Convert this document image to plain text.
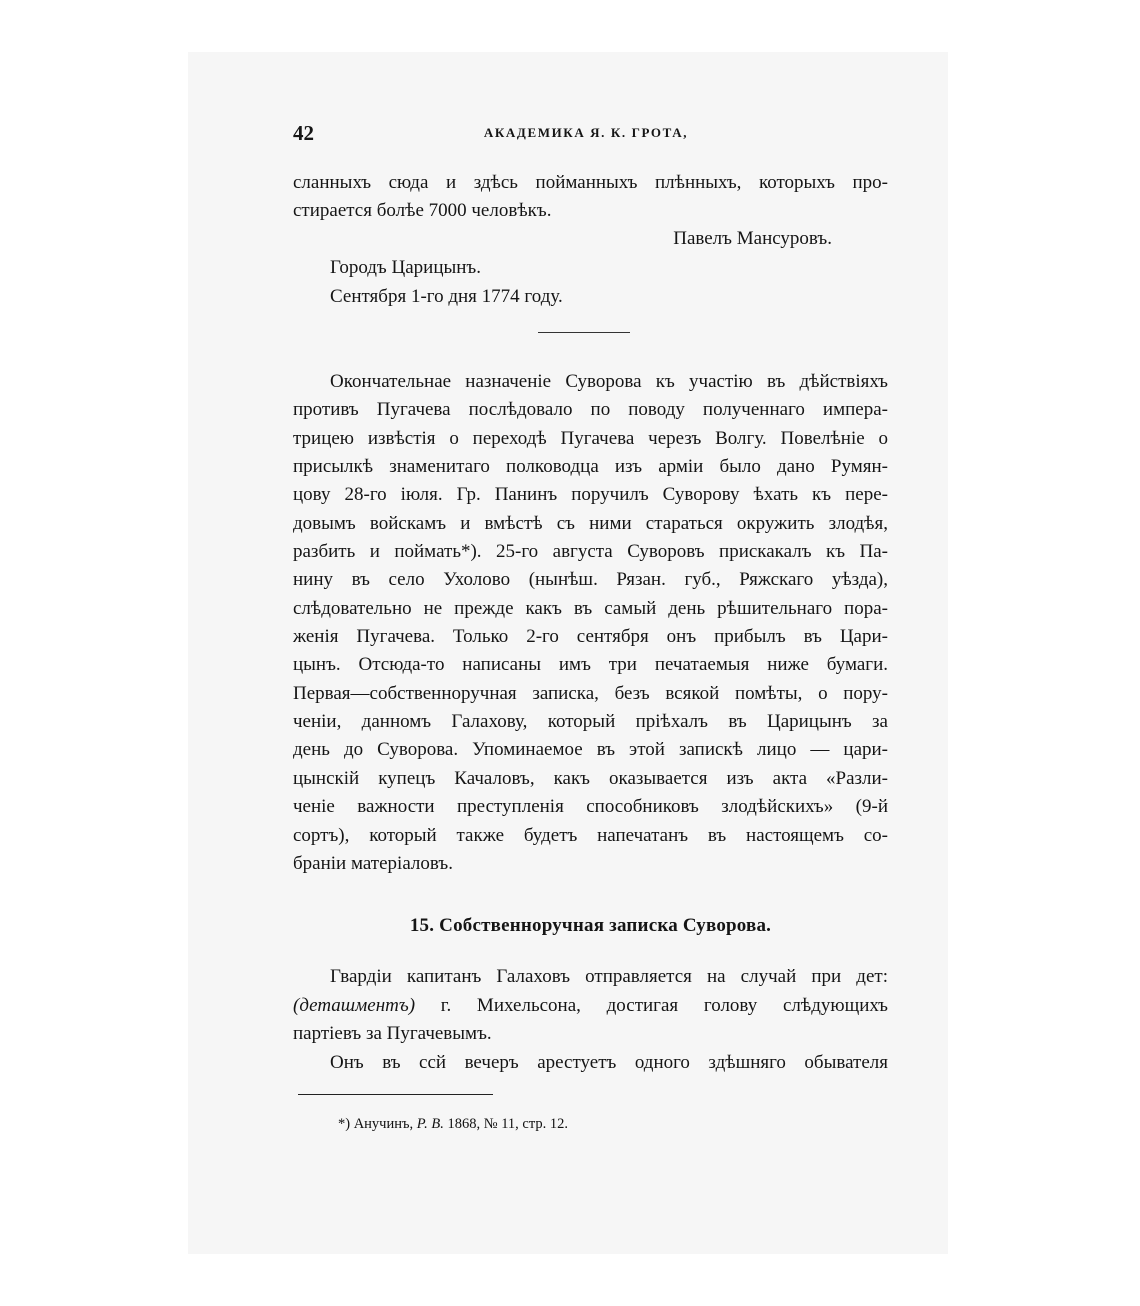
42	АКАДЕМИКА Я. К. ГРОТА,
сланныхъ сюда и здѣсь пойманныхъ плѣнныхъ, которыхъ про-
стирается болѣе 7000 человѣкъ.
Павелъ Мансуровъ.
Городъ Царицынъ.
Сентября 1-го дня 1774 году.
Окончательнае назначеніе Суворова къ участію въ дѣйствіяхъ
противъ Пугачева послѣдовало по поводу полученнаго импера-
трицею извѣстія о переходѣ Пугачева черезъ Волгу. Повелѣніе о
присылкѣ знаменитаго полководца изъ арміи было дано Румян-
цову 28-го іюля. Гр. Панинъ поручилъ Суворову ѣхать къ пере-
довымъ войскамъ и вмѣстѣ съ ними стараться окружить злодѣя,
разбить и поймать*). 25-го августа Суворовъ прискакалъ къ Па-
нину въ село Ухолово (нынѣш. Рязан. губ., Ряжскаго уѣзда),
слѣдовательно не прежде какъ въ самый день рѣшительнаго пора-
женія Пугачева. Только 2-го сентября онъ прибылъ въ Цари-
цынъ. Отсюда-то написаны имъ три печатаемыя ниже бумаги.
Первая—собственноручная записка, безъ всякой помѣты, о пору-
ченіи, данномъ Галахову, который пріѣхалъ въ Царицынъ за
день до Суворова. Упоминаемое въ этой запискѣ лицо — цари-
цынскій купецъ Качаловъ, какъ оказывается изъ акта «Разли-
ченіе важности преступленія способниковъ злодѣйскихъ» (9-й
сортъ), который также будетъ напечатанъ въ настоящемъ со-
браніи матеріаловъ.
15. Собственноручная записка Суворова.
Гвардіи капитанъ Галаховъ отправляется на случай при дет:
(деташментъ) г. Михельсона, достигая голову слѣдующихъ
партіевъ за Пугачевымъ.
Онъ въ ссй вечеръ арестуетъ одного здѣшняго обывателя
*) Анучинъ, Р. В. 1868, № 11, стр. 12.
